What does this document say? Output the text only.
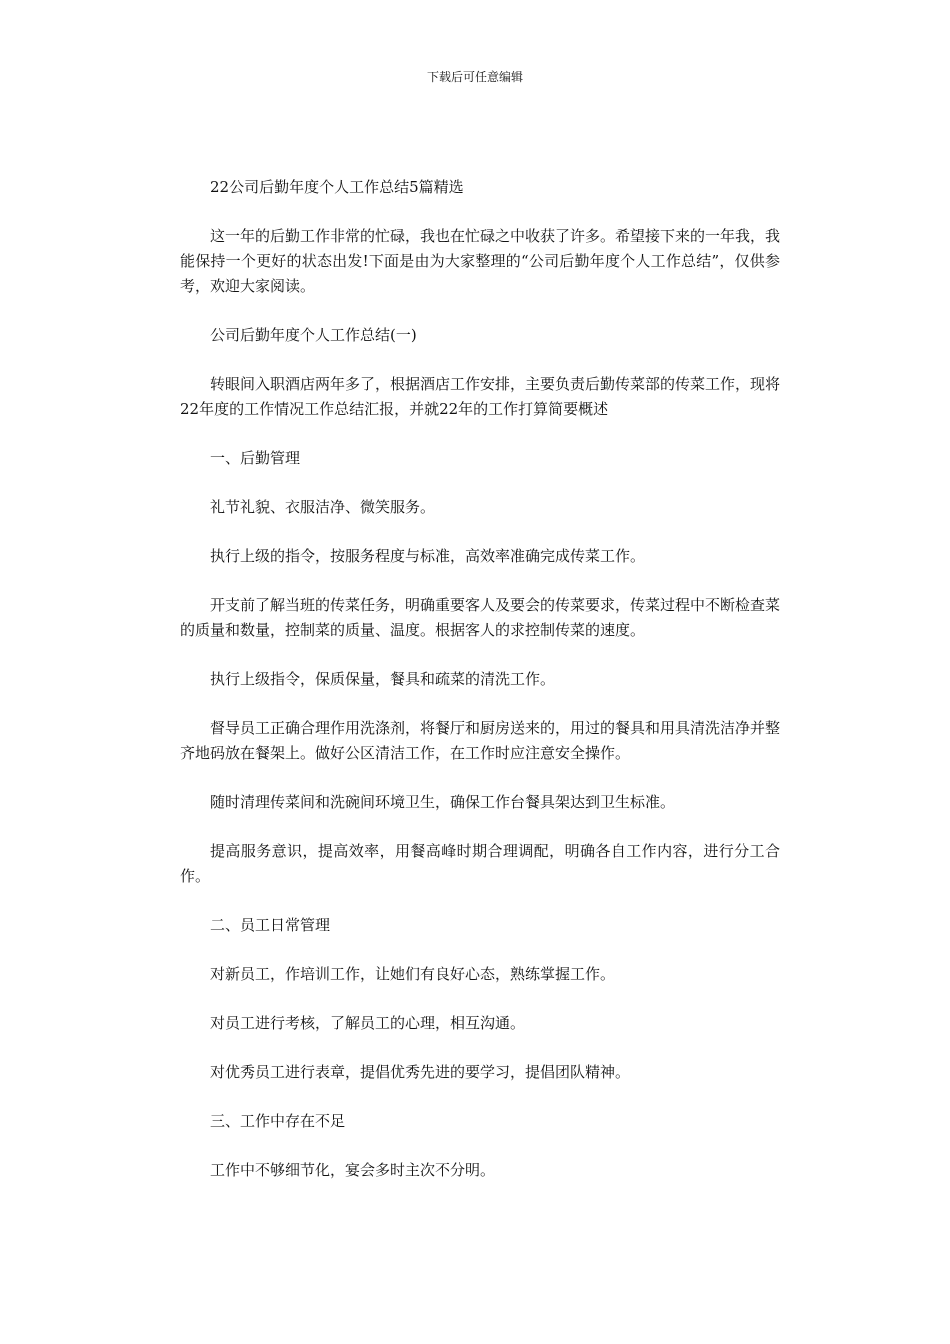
下载后可任意编辑

22公司后勤年度个人工作总结5篇精选

这一年的后勤工作非常的忙碌，我也在忙碌之中收获了许多。希望接下来的一年我，我能保持一个更好的状态出发!下面是由为大家整理的“公司后勤年度个人工作总结”，仅供参考，欢迎大家阅读。

公司后勤年度个人工作总结(一)

转眼间入职酒店两年多了，根据酒店工作安排，主要负责后勤传菜部的传菜工作，现将22年度的工作情况工作总结汇报，并就22年的工作打算简要概述

一、后勤管理

礼节礼貌、衣服洁净、微笑服务。

执行上级的指令，按服务程度与标准，高效率准确完成传菜工作。

开支前了解当班的传菜任务，明确重要客人及要会的传菜要求，传菜过程中不断检查菜的质量和数量，控制菜的质量、温度。根据客人的求控制传菜的速度。

执行上级指令，保质保量，餐具和疏菜的清洗工作。

督导员工正确合理作用洗涤剂，将餐厅和厨房送来的，用过的餐具和用具清洗洁净并整齐地码放在餐架上。做好公区清洁工作，在工作时应注意安全操作。

随时清理传菜间和洗碗间环境卫生，确保工作台餐具架达到卫生标准。

提高服务意识，提高效率，用餐高峰时期合理调配，明确各自工作内容，进行分工合作。

二、员工日常管理

对新员工，作培训工作，让她们有良好心态，熟练掌握工作。

对员工进行考核，了解员工的心理，相互沟通。

对优秀员工进行表章，提倡优秀先进的要学习，提倡团队精神。

三、工作中存在不足

工作中不够细节化，宴会多时主次不分明。
